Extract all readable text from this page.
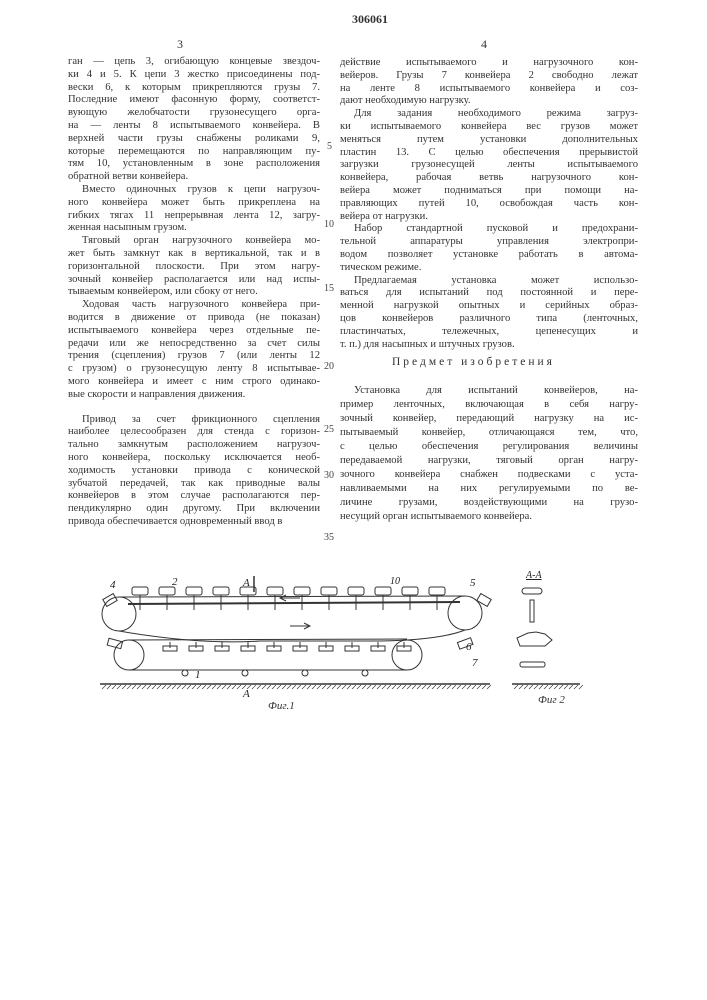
306061
3	4
ган — цепь 3, огибающую концевые звездоч-
ки 4 и 5. К цепи 3 жестко присоединены под-
вески 6, к которым прикрепляются грузы 7.
Последние имеют фасонную форму, соответст-
вующую желобчатости грузонесущего орга-
на — ленты 8 испытываемого конвейера. В
верхней части грузы снабжены роликами 9,
которые перемещаются по направляющим пу-
тям 10, установленным в зоне расположения
обратной ветви конвейера.
Вместо одиночных грузов к цепи нагрузоч-
ного конвейера может быть прикреплена на
гибких тягах 11 непрерывная лента 12, загру-
женная насыпным грузом.
Тяговый орган нагрузочного конвейера мо-
жет быть замкнут как в вертикальной, так и в
горизонтальной плоскости. При этом нагру-
зочный конвейер располагается или над испы-
тываемым конвейером, или сбоку от него.
Ходовая часть нагрузочного конвейера при-
водится в движение от привода (не показан)
испытываемого конвейера через отдельные пе-
редачи или же непосредственно за счет силы
трения (сцепления) грузов 7 (или ленты 12
с грузом) о грузонесущую ленту 8 испытывае-
мого конвейера и имеет с ним строго одинако-
вые скорости и направления движения.
Привод за счет фрикционного сцепления
наиболее целесообразен для стенда с горизон-
тально замкнутым расположением нагрузоч-
ного конвейера, поскольку исключается необ-
ходимость установки привода с конической
зубчатой передачей, так как приводные валы
конвейеров в этом случае располагаются пер-
пендикулярно один другому. При включении
привода обеспечивается одновременный ввод в
действие испытываемого и нагрузочного кон-
вейеров. Грузы 7 конвейера 2 свободно лежат
на ленте 8 испытываемого конвейера и соз-
дают необходимую нагрузку.
Для задания необходимого режима загруз-
ки испытываемого конвейера вес грузов может
меняться путем установки дополнительных
пластин 13. С целью обеспечения прерывистой
загрузки грузонесущей ленты испытываемого
конвейера, рабочая ветвь нагрузочного кон-
вейера может подниматься при помощи на-
правляющих путей 10, освобождая часть кон-
вейера от нагрузки.
Набор стандартной пусковой и предохрани-
тельной аппаратуры управления электропри-
водом позволяет установке работать в автома-
тическом режиме.
Предлагаемая установка может использо-
ваться для испытаний под постоянной и пере-
менной нагрузкой опытных и серийных образ-
цов конвейеров различного типа (ленточных,
пластинчатых, тележечных, цепенесущих и
т. п.) для насыпных и штучных грузов.
Предмет изобретения
Установка для испытаний конвейеров, на-
пример ленточных, включающая в себя нагру-
зочный конвейер, передающий нагрузку на ис-
пытываемый конвейер, отличающаяся тем, что,
с целью обеспечения регулирования величины
передаваемой нагрузки, тяговый орган нагру-
зочного конвейера снабжен подвесками с уста-
навливаемыми на них регулируемыми по ве-
личине грузами, воздействующими на грузо-
несущий орган испытываемого конвейера.
5
10
15
20
25
30
35
4	2	А	10	5
6
7
1
А
А-А
Фиг.1	Фиг 2
